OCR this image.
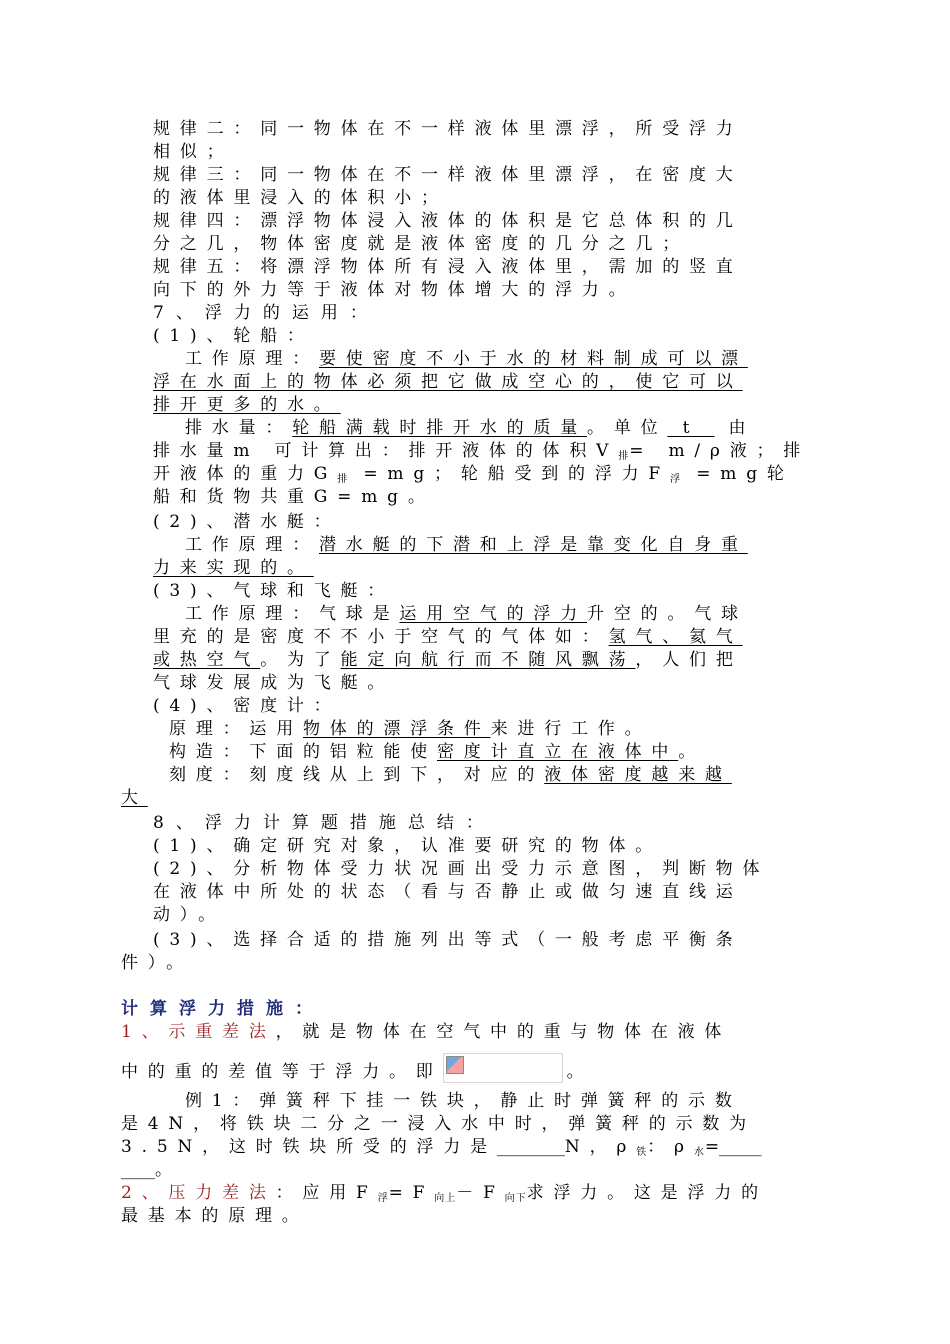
规律二：同一物体在不一样液体里漂浮，所受浮力
相似；
规律三：同一物体在不一样液体里漂浮，在密度大
的液体里浸入的体积小；
规律四：漂浮物体浸入液体的体积是它总体积的几
分之几，物体密度就是液体密度的几分之几；
规律五：将漂浮物体所有浸入液体里，需加的竖直
向下的外力等于液体对物体增大的浮力。
7、浮力的运用：
(1)、轮船：
工作原理：要使密度不小于水的材料制成可以漂
浮在水面上的物体必须把它做成空心的，使它可以
排开更多的水。
排水量：轮船满载时排开水的质量。单位 t 由
排水量m 可计算出：排开液体的体积$V_排= m/\rho$液；排
开液体的重力$G_排 =mg$；轮船受到的浮力$F_浮 =mg$轮
船和货物共重G=mg。
(2)、潜水艇：
工作原理：潜水艇的下潜和上浮是靠变化自身重
力来实现的。
(3)、气球和飞艇：
工作原理：气球是运用空气的浮力升空的。气球
里充的是密度不不小于空气的气体如：氢气、氦气
或热空气。为了能定向航行而不随风飘荡，人们把
气球发展成为飞艇。
(4)、密度计：
原理：运用物体的漂浮条件来进行工作。
构造：下面的铝粒能使密度计直立在液体中。
刻度：刻度线从上到下，对应的液体密度越来越
大
8、浮力计算题措施总结：
(1)、确定研究对象，认准要研究的物体。
(2)、分析物体受力状况画出受力示意图，判断物体
在液体中所处的状态（看与否静止或做匀速直线运
动）。
(3)、选择合适的措施列出等式（一般考虑平衡条
件）。
计算浮力措施：
1、示重差法，就是物体在空气中的重与物体在液体
中的重的差值等于浮力。即	。
例1：弹簧秤下挂一铁块，静止时弹簧秤的示数
是4N，将铁块二分之一浸入水中时，弹簧秤的示数为
3.5N，这时铁块所受的浮力是________N，$\rho_铁$：$\rho_水=\_\_\_\_\_$
____。
2、压力差法：应用$F_浮=F_{向上}-F_{向下}$求浮力。这是浮力的
最基本的原理。
